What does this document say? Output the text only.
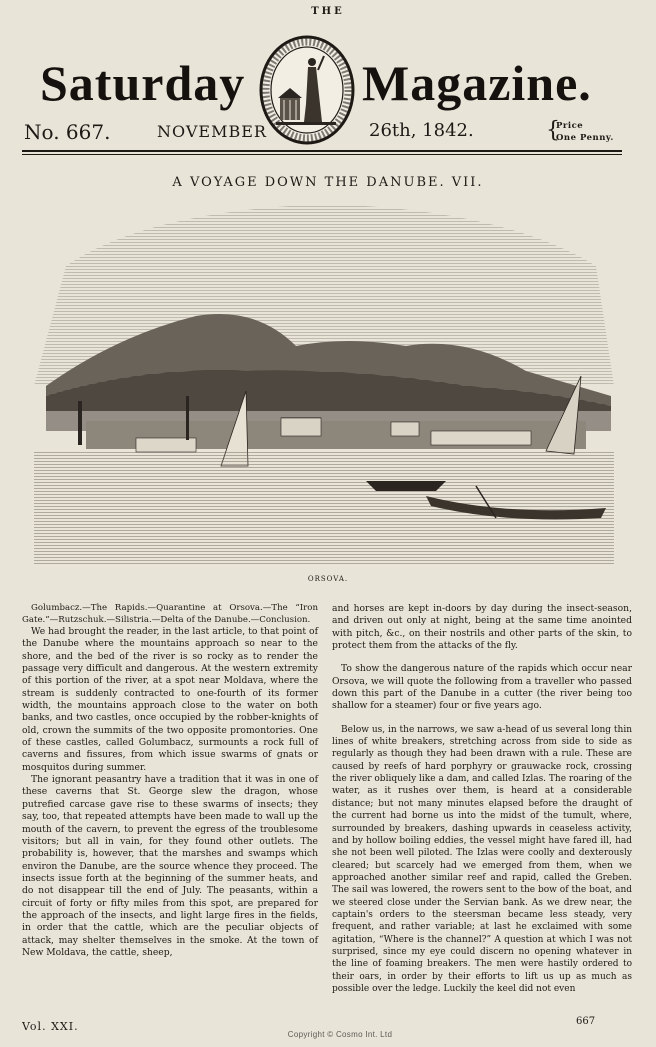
THE
Saturday Magazine.
No. 667.	NOVEMBER	26th, 1842.	{
Price
One Penny.
A VOYAGE DOWN THE DANUBE. VII.
ORSOVA.

Golumbacz.—The Rapids.—Quarantine at Orsova.—The “Iron Gate.”—Rutzschuk.—Silistria.—Delta of the Danube.—Conclusion.

We had brought the reader, in the last article, to that point of the Danube where the mountains approach so near to the shore, and the bed of the river is so rocky as to render the passage very difficult and dangerous. At the western extremity of this portion of the river, at a spot near Moldava, where the stream is suddenly contracted to one-fourth of its former width, the mountains approach close to the water on both banks, and two castles, once occupied by the robber-knights of old, crown the summits of the two opposite promontories. One of these castles, called Golumbacz, surmounts a rock full of caverns and fissures, from which issue swarms of gnats or mosquitos during summer.

The ignorant peasantry have a tradition that it was in one of these caverns that St. George slew the dragon, whose putrefied carcase gave rise to these swarms of insects; they say, too, that repeated attempts have been made to wall up the mouth of the cavern, to prevent the egress of the troublesome visitors; but all in vain, for they found other outlets. The probability is, however, that the marshes and swamps which environ the Danube, are the source whence they proceed. The insects issue forth at the beginning of the summer heats, and do not disappear till the end of July. The peasants, within a circuit of forty or fifty miles from this spot, are prepared for the approach of the insects, and light large fires in the fields, in order that the cattle, which are the peculiar objects of attack, may shelter themselves in the smoke. At the town of New Moldava, the cattle, sheep,

and horses are kept in-doors by day during the insect-season, and driven out only at night, being at the same time anointed with pitch, &c., on their nostrils and other parts of the skin, to protect them from the attacks of the fly.

To show the dangerous nature of the rapids which occur near Orsova, we will quote the following from a traveller who passed down this part of the Danube in a cutter (the river being too shallow for a steamer) four or five years ago.

Below us, in the narrows, we saw a-head of us several long thin lines of white breakers, stretching across from side to side as regularly as though they had been drawn with a rule. These are caused by reefs of hard porphyry or grauwacke rock, crossing the river obliquely like a dam, and called Izlas. The roaring of the water, as it rushes over them, is heard at a considerable distance; but not many minutes elapsed before the draught of the current had borne us into the midst of the tumult, where, surrounded by breakers, dashing upwards in ceaseless activity, and by hollow boiling eddies, the vessel might have fared ill, had she not been well piloted. The Izlas were coolly and dexterously cleared; but scarcely had we emerged from them, when we approached another similar reef and rapid, called the Greben. The sail was lowered, the rowers sent to the bow of the boat, and we steered close under the Servian bank. As we drew near, the captain's orders to the steersman became less steady, very frequent, and rather variable; at last he exclaimed with some agitation, “Where is the channel?” A question at which I was not surprised, since my eye could discern no opening whatever in the line of foaming breakers. The men were hastily ordered to their oars, in order by their efforts to lift us up as much as possible over the ledge. Luckily the keel did not even

Vol. XXI.	667
Copyright © Cosmo Int. Ltd
